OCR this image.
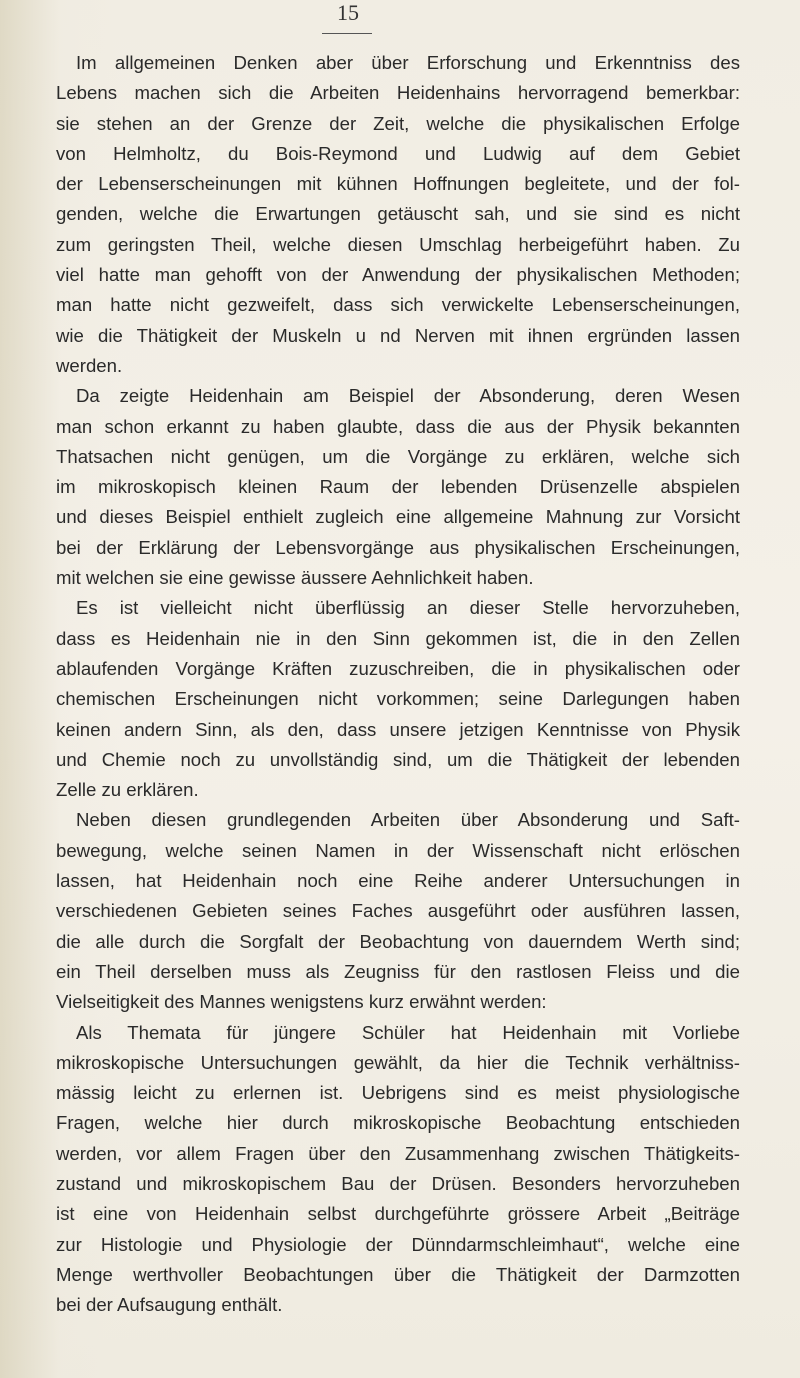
15
Im allgemeinen Denken aber über Erforschung und Erkenntniss des
Lebens machen sich die Arbeiten Heidenhains hervorragend bemerkbar:
sie stehen an der Grenze der Zeit, welche die physikalischen Erfolge
von Helmholtz, du Bois-Reymond und Ludwig auf dem Gebiet
der Lebenserscheinungen mit kühnen Hoffnungen begleitete, und der fol-
genden, welche die Erwartungen getäuscht sah, und sie sind es nicht
zum geringsten Theil, welche diesen Umschlag herbeigeführt haben. Zu
viel hatte man gehofft von der Anwendung der physikalischen Methoden;
man hatte nicht gezweifelt, dass sich verwickelte Lebenserscheinungen,
wie die Thätigkeit der Muskeln u nd Nerven mit ihnen ergründen lassen
werden.
Da zeigte Heidenhain am Beispiel der Absonderung, deren Wesen
man schon erkannt zu haben glaubte, dass die aus der Physik bekannten
Thatsachen nicht genügen, um die Vorgänge zu erklären, welche sich
im mikroskopisch kleinen Raum der lebenden Drüsenzelle abspielen
und dieses Beispiel enthielt zugleich eine allgemeine Mahnung zur Vorsicht
bei der Erklärung der Lebensvorgänge aus physikalischen Erscheinungen,
mit welchen sie eine gewisse äussere Aehnlichkeit haben.
Es ist vielleicht nicht überflüssig an dieser Stelle hervorzuheben,
dass es Heidenhain nie in den Sinn gekommen ist, die in den Zellen
ablaufenden Vorgänge Kräften zuzuschreiben, die in physikalischen oder
chemischen Erscheinungen nicht vorkommen; seine Darlegungen haben
keinen andern Sinn, als den, dass unsere jetzigen Kenntnisse von Physik
und Chemie noch zu unvollständig sind, um die Thätigkeit der lebenden
Zelle zu erklären.
Neben diesen grundlegenden Arbeiten über Absonderung und Saft-
bewegung, welche seinen Namen in der Wissenschaft nicht erlöschen
lassen, hat Heidenhain noch eine Reihe anderer Untersuchungen in
verschiedenen Gebieten seines Faches ausgeführt oder ausführen lassen,
die alle durch die Sorgfalt der Beobachtung von dauerndem Werth sind;
ein Theil derselben muss als Zeugniss für den rastlosen Fleiss und die
Vielseitigkeit des Mannes wenigstens kurz erwähnt werden:
Als Themata für jüngere Schüler hat Heidenhain mit Vorliebe
mikroskopische Untersuchungen gewählt, da hier die Technik verhältniss-
mässig leicht zu erlernen ist. Uebrigens sind es meist physiologische
Fragen, welche hier durch mikroskopische Beobachtung entschieden
werden, vor allem Fragen über den Zusammenhang zwischen Thätigkeits-
zustand und mikroskopischem Bau der Drüsen. Besonders hervorzuheben
ist eine von Heidenhain selbst durchgeführte grössere Arbeit „Beiträge
zur Histologie und Physiologie der Dünndarmschleimhaut“, welche eine
Menge werthvoller Beobachtungen über die Thätigkeit der Darmzotten
bei der Aufsaugung enthält.
